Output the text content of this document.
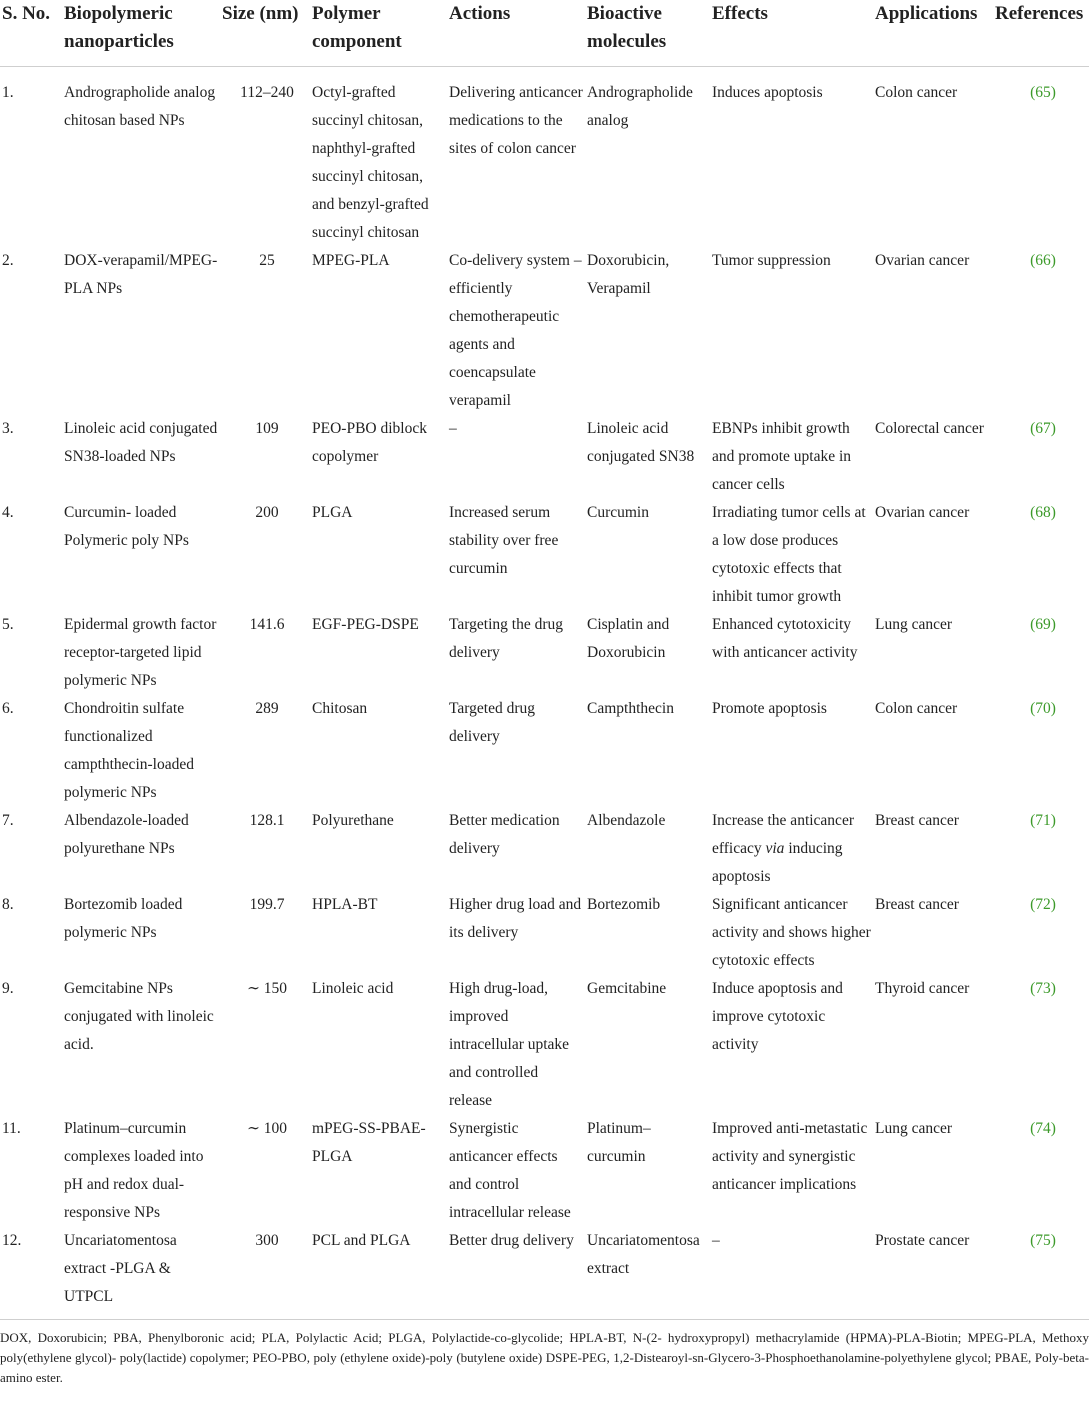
S. No.	Biopolymeric nanoparticles	Size (nm)	Polymer component	Actions	Bioactive molecules	Effects	Applications	References
1.	Andrographolide analog chitosan based NPs	112–240	Octyl-grafted succinyl chitosan, naphthyl-grafted succinyl chitosan, and benzyl-grafted succinyl chitosan	Delivering anticancer medications to the sites of colon cancer	Andrographolide analog	Induces apoptosis	Colon cancer	(65)
2.	DOX-verapamil/MPEG-PLA NPs	25	MPEG-PLA	Co-delivery system –efficiently chemotherapeutic agents and coencapsulate verapamil	Doxorubicin, Verapamil	Tumor suppression	Ovarian cancer	(66)
3.	Linoleic acid conjugated SN38-loaded NPs	109	PEO-PBO diblock copolymer	–	Linoleic acid conjugated SN38	EBNPs inhibit growth and promote uptake in cancer cells	Colorectal cancer	(67)
4.	Curcumin- loaded Polymeric poly NPs	200	PLGA	Increased serum stability over free curcumin	Curcumin	Irradiating tumor cells at a low dose produces cytotoxic effects that inhibit tumor growth	Ovarian cancer	(68)
5.	Epidermal growth factor receptor-targeted lipid polymeric NPs	141.6	EGF-PEG-DSPE	Targeting the drug delivery	Cisplatin and Doxorubicin	Enhanced cytotoxicity with anticancer activity	Lung cancer	(69)
6.	Chondroitin sulfate functionalized campththecin-loaded polymeric NPs	289	Chitosan	Targeted drug delivery	Campththecin	Promote apoptosis	Colon cancer	(70)
7.	Albendazole-loaded polyurethane NPs	128.1	Polyurethane	Better medication delivery	Albendazole	Increase the anticancer efficacy via inducing apoptosis	Breast cancer	(71)
8.	Bortezomib loaded polymeric NPs	199.7	HPLA-BT	Higher drug load and its delivery	Bortezomib	Significant anticancer activity and shows higher cytotoxic effects	Breast cancer	(72)
9.	Gemcitabine NPs conjugated with linoleic acid.	∼ 150	Linoleic acid	High drug-load, improved intracellular uptake and controlled release	Gemcitabine	Induce apoptosis and improve cytotoxic activity	Thyroid cancer	(73)
11.	Platinum–curcumin complexes loaded into pH and redox dual-responsive NPs	∼ 100	mPEG-SS-PBAE-PLGA	Synergistic anticancer effects and control intracellular release	Platinum–curcumin	Improved anti-metastatic activity and synergistic anticancer implications	Lung cancer	(74)
12.	Uncariatomentosa extract -PLGA & UTPCL	300	PCL and PLGA	Better drug delivery	Uncariatomentosa extract	–	Prostate cancer	(75)
DOX, Doxorubicin; PBA, Phenylboronic acid; PLA, Polylactic Acid; PLGA, Polylactide-co-glycolide; HPLA-BT, N-(2- hydroxypropyl) methacrylamide (HPMA)-PLA-Biotin; MPEG-PLA, Methoxy poly(ethylene glycol)- poly(lactide) copolymer; PEO-PBO, poly (ethylene oxide)-poly (butylene oxide) DSPE-PEG, 1,2-Distearoyl-sn-Glycero-3-Phosphoethanolamine-polyethylene glycol; PBAE, Poly-beta-amino ester.
